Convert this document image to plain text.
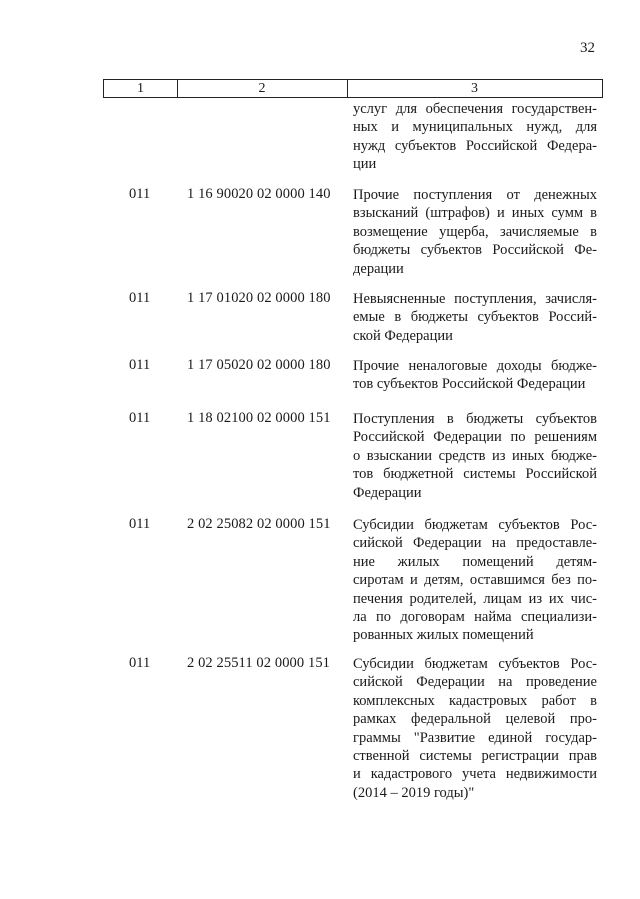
32
1	2	3
услуг для обеспечения государствен-
ных и муниципальных нужд, для
нужд субъектов Российской Федера-
ции
011	1 16 90020 02 0000 140 Прочие поступления от денежных
взысканий (штрафов) и иных сумм в
возмещение ущерба, зачисляемые в
бюджеты субъектов Российской Фе-
дерации
011	1 17 01020 02 0000 180 Невыясненные поступления, зачисля-
емые в бюджеты субъектов Россий-
ской Федерации
011	1 17 05020 02 0000 180 Прочие неналоговые доходы бюдже-
тов субъектов Российской Федерации
011	1 18 02100 02 0000 151 Поступления в бюджеты субъектов
Российской Федерации по решениям
о взыскании средств из иных бюдже-
тов бюджетной системы Российской
Федерации
011	2 02 25082 02 0000 151 Субсидии бюджетам субъектов Рос-
сийской Федерации на предоставле-
ние жилых помещений детям-
сиротам и детям, оставшимся без по-
печения родителей, лицам из их чис-
ла по договорам найма специализи-
рованных жилых помещений
011	2 02 25511 02 0000 151 Субсидии бюджетам субъектов Рос-
сийской Федерации на проведение
комплексных кадастровых работ в
рамках федеральной целевой про-
граммы "Развитие единой государ-
ственной системы регистрации прав
и кадастрового учета недвижимости
(2014 – 2019 годы)"
